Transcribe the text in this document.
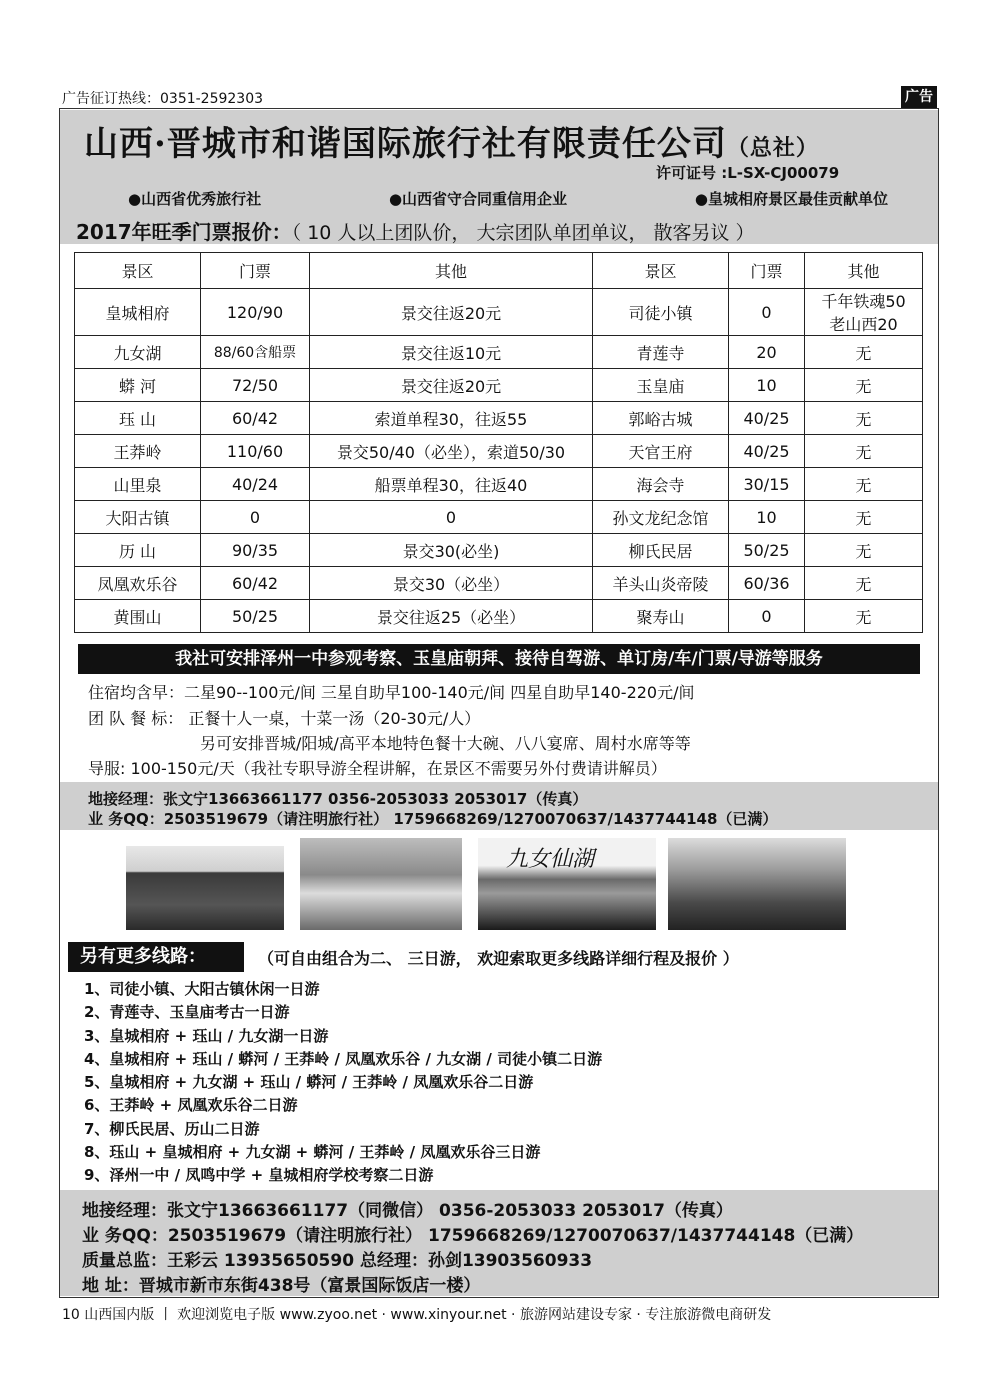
广告征订热线：0351-2592303	广告
山西·晋城市和谐国际旅行社有限责任公司（总社）
许可证号 :L-SX-CJ00079
●山西省优秀旅行社	●山西省守合同重信用企业	●皇城相府景区最佳贡献单位
2017年旺季门票报价：（ 10 人以上团队价， 大宗团队单团单议， 散客另议 ）
景区	门票	其他	景区	门票	其他
皇城相府	120/90	景交往返20元	司徒小镇	0	千年铁魂50
老山西20
九女湖	88/60含船票	景交往返10元	青莲寺	20	无
蟒 河	72/50	景交往返20元	玉皇庙	10	无
珏 山	60/42	索道单程30，往返55	郭峪古城	40/25	无
王莽岭	110/60	景交50/40（必坐），索道50/30	天官王府	40/25	无
山里泉	40/24	船票单程30，往返40	海会寺	30/15	无
大阳古镇	0	0	孙文龙纪念馆	10	无
历 山	90/35	景交30(必坐)	柳氏民居	50/25	无
凤凰欢乐谷	60/42	景交30（必坐）	羊头山炎帝陵	60/36	无
黄围山	50/25	景交往返25（必坐）	聚寿山	0	无
我社可安排泽州一中参观考察、玉皇庙朝拜、接待自驾游、单订房/车/门票/导游等服务
住宿均含早：二星90--100元/间 三星自助早100-140元/间 四星自助早140-220元/间
团 队 餐 标： 正餐十人一桌，十菜一汤（20-30元/人）
另可安排晋城/阳城/高平本地特色餐十大碗、八八宴席、周村水席等等
导服: 100-150元/天（我社专职导游全程讲解，在景区不需要另外付费请讲解员）
地接经理：张文宁13663661177 0356-2053033 2053017（传真）
业 务QQ：2503519679（请注明旅行社） 1759668269/1270070637/1437744148（已满）
九女仙湖
另有更多线路：	（可自由组合为二、 三日游， 欢迎索取更多线路详细行程及报价 ）
1、司徒小镇、大阳古镇休闲一日游
2、青莲寺、玉皇庙考古一日游
3、皇城相府 + 珏山 / 九女湖一日游
4、皇城相府 + 珏山 / 蟒河 / 王莽岭 / 凤凰欢乐谷 / 九女湖 / 司徒小镇二日游
5、皇城相府 + 九女湖 + 珏山 / 蟒河 / 王莽岭 / 凤凰欢乐谷二日游
6、王莽岭 + 凤凰欢乐谷二日游
7、柳氏民居、历山二日游
8、珏山 + 皇城相府 + 九女湖 + 蟒河 / 王莽岭 / 凤凰欢乐谷三日游
9、泽州一中 / 凤鸣中学 + 皇城相府学校考察二日游
地接经理：张文宁13663661177（同微信） 0356-2053033 2053017（传真）
业 务QQ：2503519679（请注明旅行社） 1759668269/1270070637/1437744148（已满）
质量总监：王彩云 13935650590 总经理：孙剑13903560933
地 址：晋城市新市东街438号（富景国际饭店一楼）
10 山西国内版 丨 欢迎浏览电子版 www.zyoo.net · www.xinyour.net · 旅游网站建设专家 · 专注旅游微电商研发
